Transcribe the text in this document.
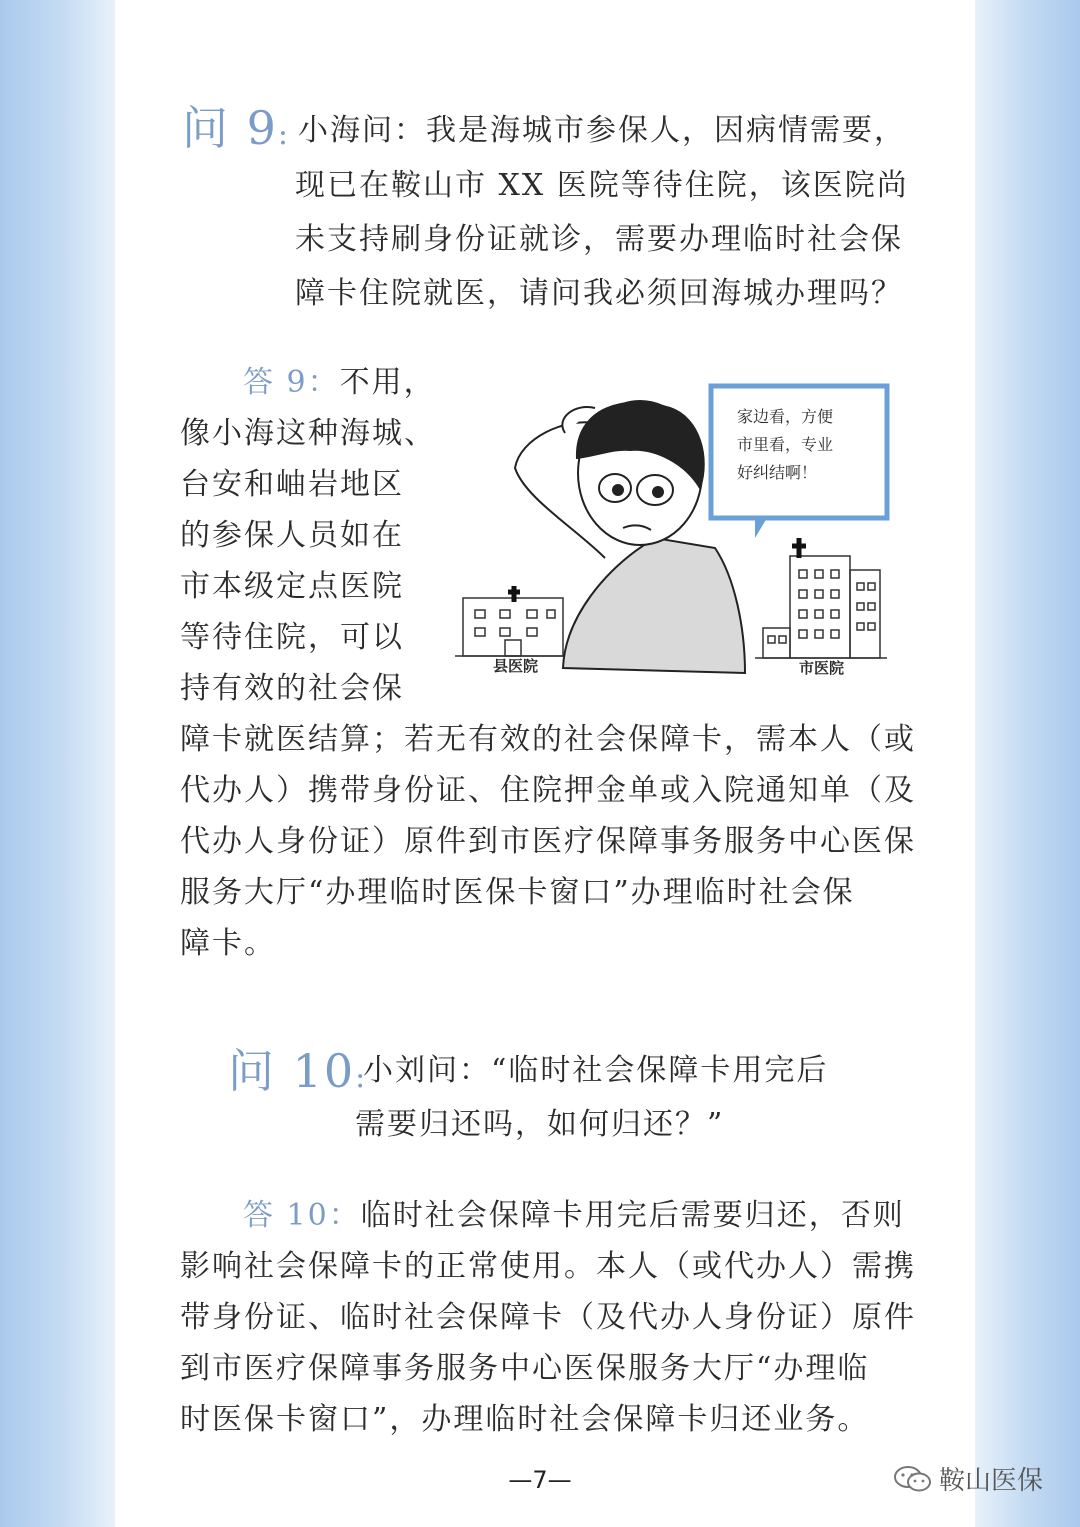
问 9: 小海问：我是海城市参保人，因病情需要，
现已在鞍山市 XX 医院等待住院，该医院尚
未支持刷身份证就诊，需要办理临时社会保
障卡住院就医，请问我必须回海城办理吗？
答 9：不用，
像小海这种海城、
台安和岫岩地区
的参保人员如在
市本级定点医院
等待住院，可以
持有效的社会保
障卡就医结算；若无有效的社会保障卡，需本人（或
代办人）携带身份证、住院押金单或入院通知单（及
代办人身份证）原件到市医疗保障事务服务中心医保
服务大厅“办理临时医保卡窗口”办理临时社会保
障卡。
家边看，方便
市里看，专业
好纠结啊！
县医院	市医院
问 10:
小刘问：“临时社会保障卡用完后
需要归还吗，如何归还？”
答 10：临时社会保障卡用完后需要归还，否则
影响社会保障卡的正常使用。本人（或代办人）需携
带身份证、临时社会保障卡（及代办人身份证）原件
到市医疗保障事务服务中心医保服务大厅“办理临
时医保卡窗口”，办理临时社会保障卡归还业务。
—7—	鞍山医保
